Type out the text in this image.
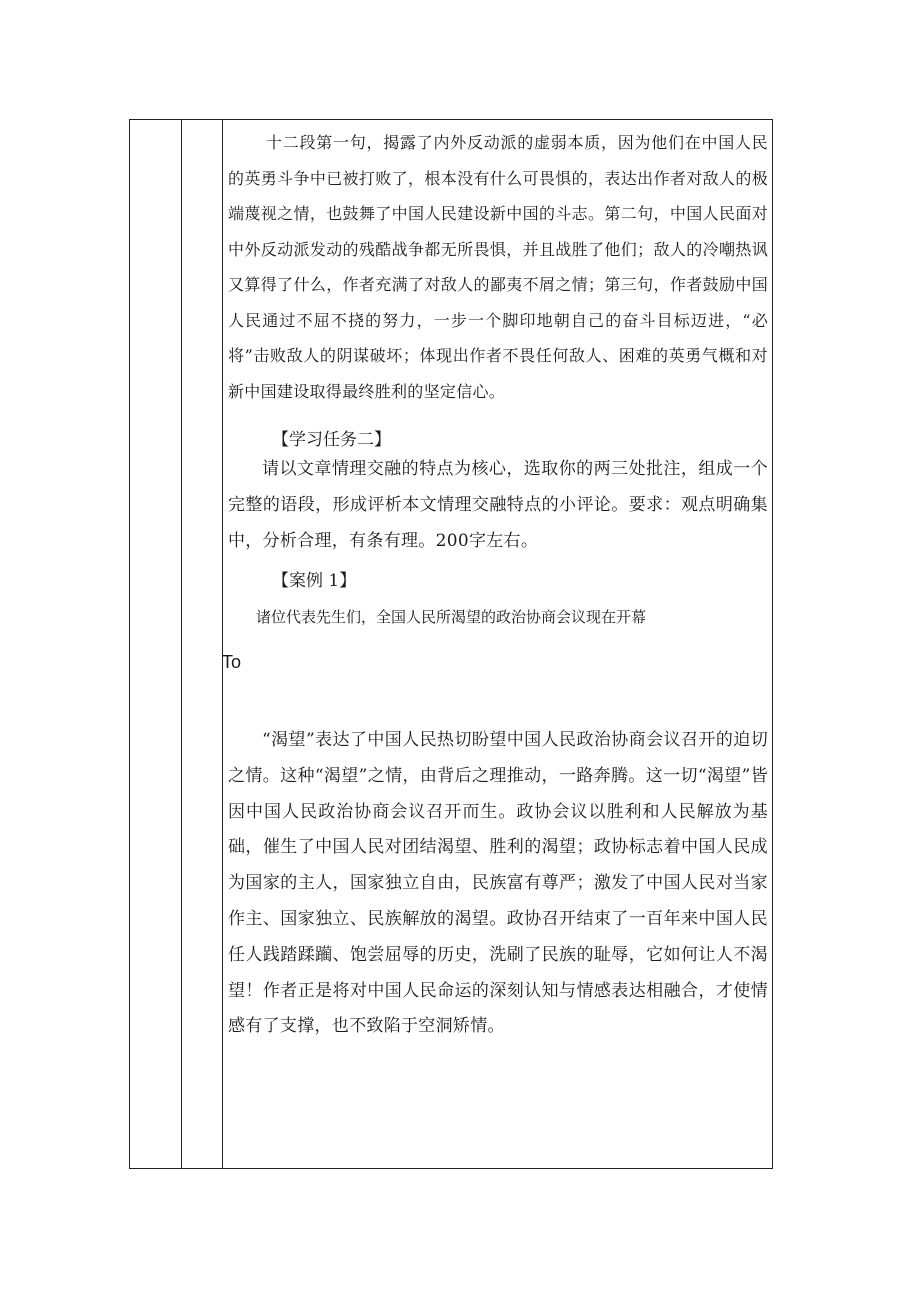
十二段第一句，揭露了内外反动派的虚弱本质，因为他们在中国人民的英勇斗争中已被打败了，根本没有什么可畏惧的，表达出作者对敌人的极端蔑视之情，也鼓舞了中国人民建设新中国的斗志。第二句，中国人民面对中外反动派发动的残酷战争都无所畏惧，并且战胜了他们；敌人的冷嘲热讽又算得了什么，作者充满了对敌人的鄙夷不屑之情；第三句，作者鼓励中国人民通过不屈不挠的努力，一步一个脚印地朝自己的奋斗目标迈进，“必将”击败敌人的阴谋破坏；体现出作者不畏任何敌人、困难的英勇气概和对新中国建设取得最终胜利的坚定信心。

【学习任务二】

请以文章情理交融的特点为核心，选取你的两三处批注，组成一个完整的语段，形成评析本文情理交融特点的小评论。要求：观点明确集中，分析合理，有条有理。200字左右。

【案例 1】

诸位代表先生们，全国人民所渴望的政治协商会议现在开幕

To

“渴望”表达了中国人民热切盼望中国人民政治协商会议召开的迫切之情。这种“渴望”之情，由背后之理推动，一路奔腾。这一切“渴望”皆因中国人民政治协商会议召开而生。政协会议以胜利和人民解放为基础，催生了中国人民对团结渴望、胜利的渴望；政协标志着中国人民成为国家的主人，国家独立自由，民族富有尊严；激发了中国人民对当家作主、国家独立、民族解放的渴望。政协召开结束了一百年来中国人民任人践踏蹂躏、饱尝屈辱的历史，洗刷了民族的耻辱，它如何让人不渴望！作者正是将对中国人民命运的深刻认知与情感表达相融合，才使情感有了支撑，也不致陷于空洞矫情。
